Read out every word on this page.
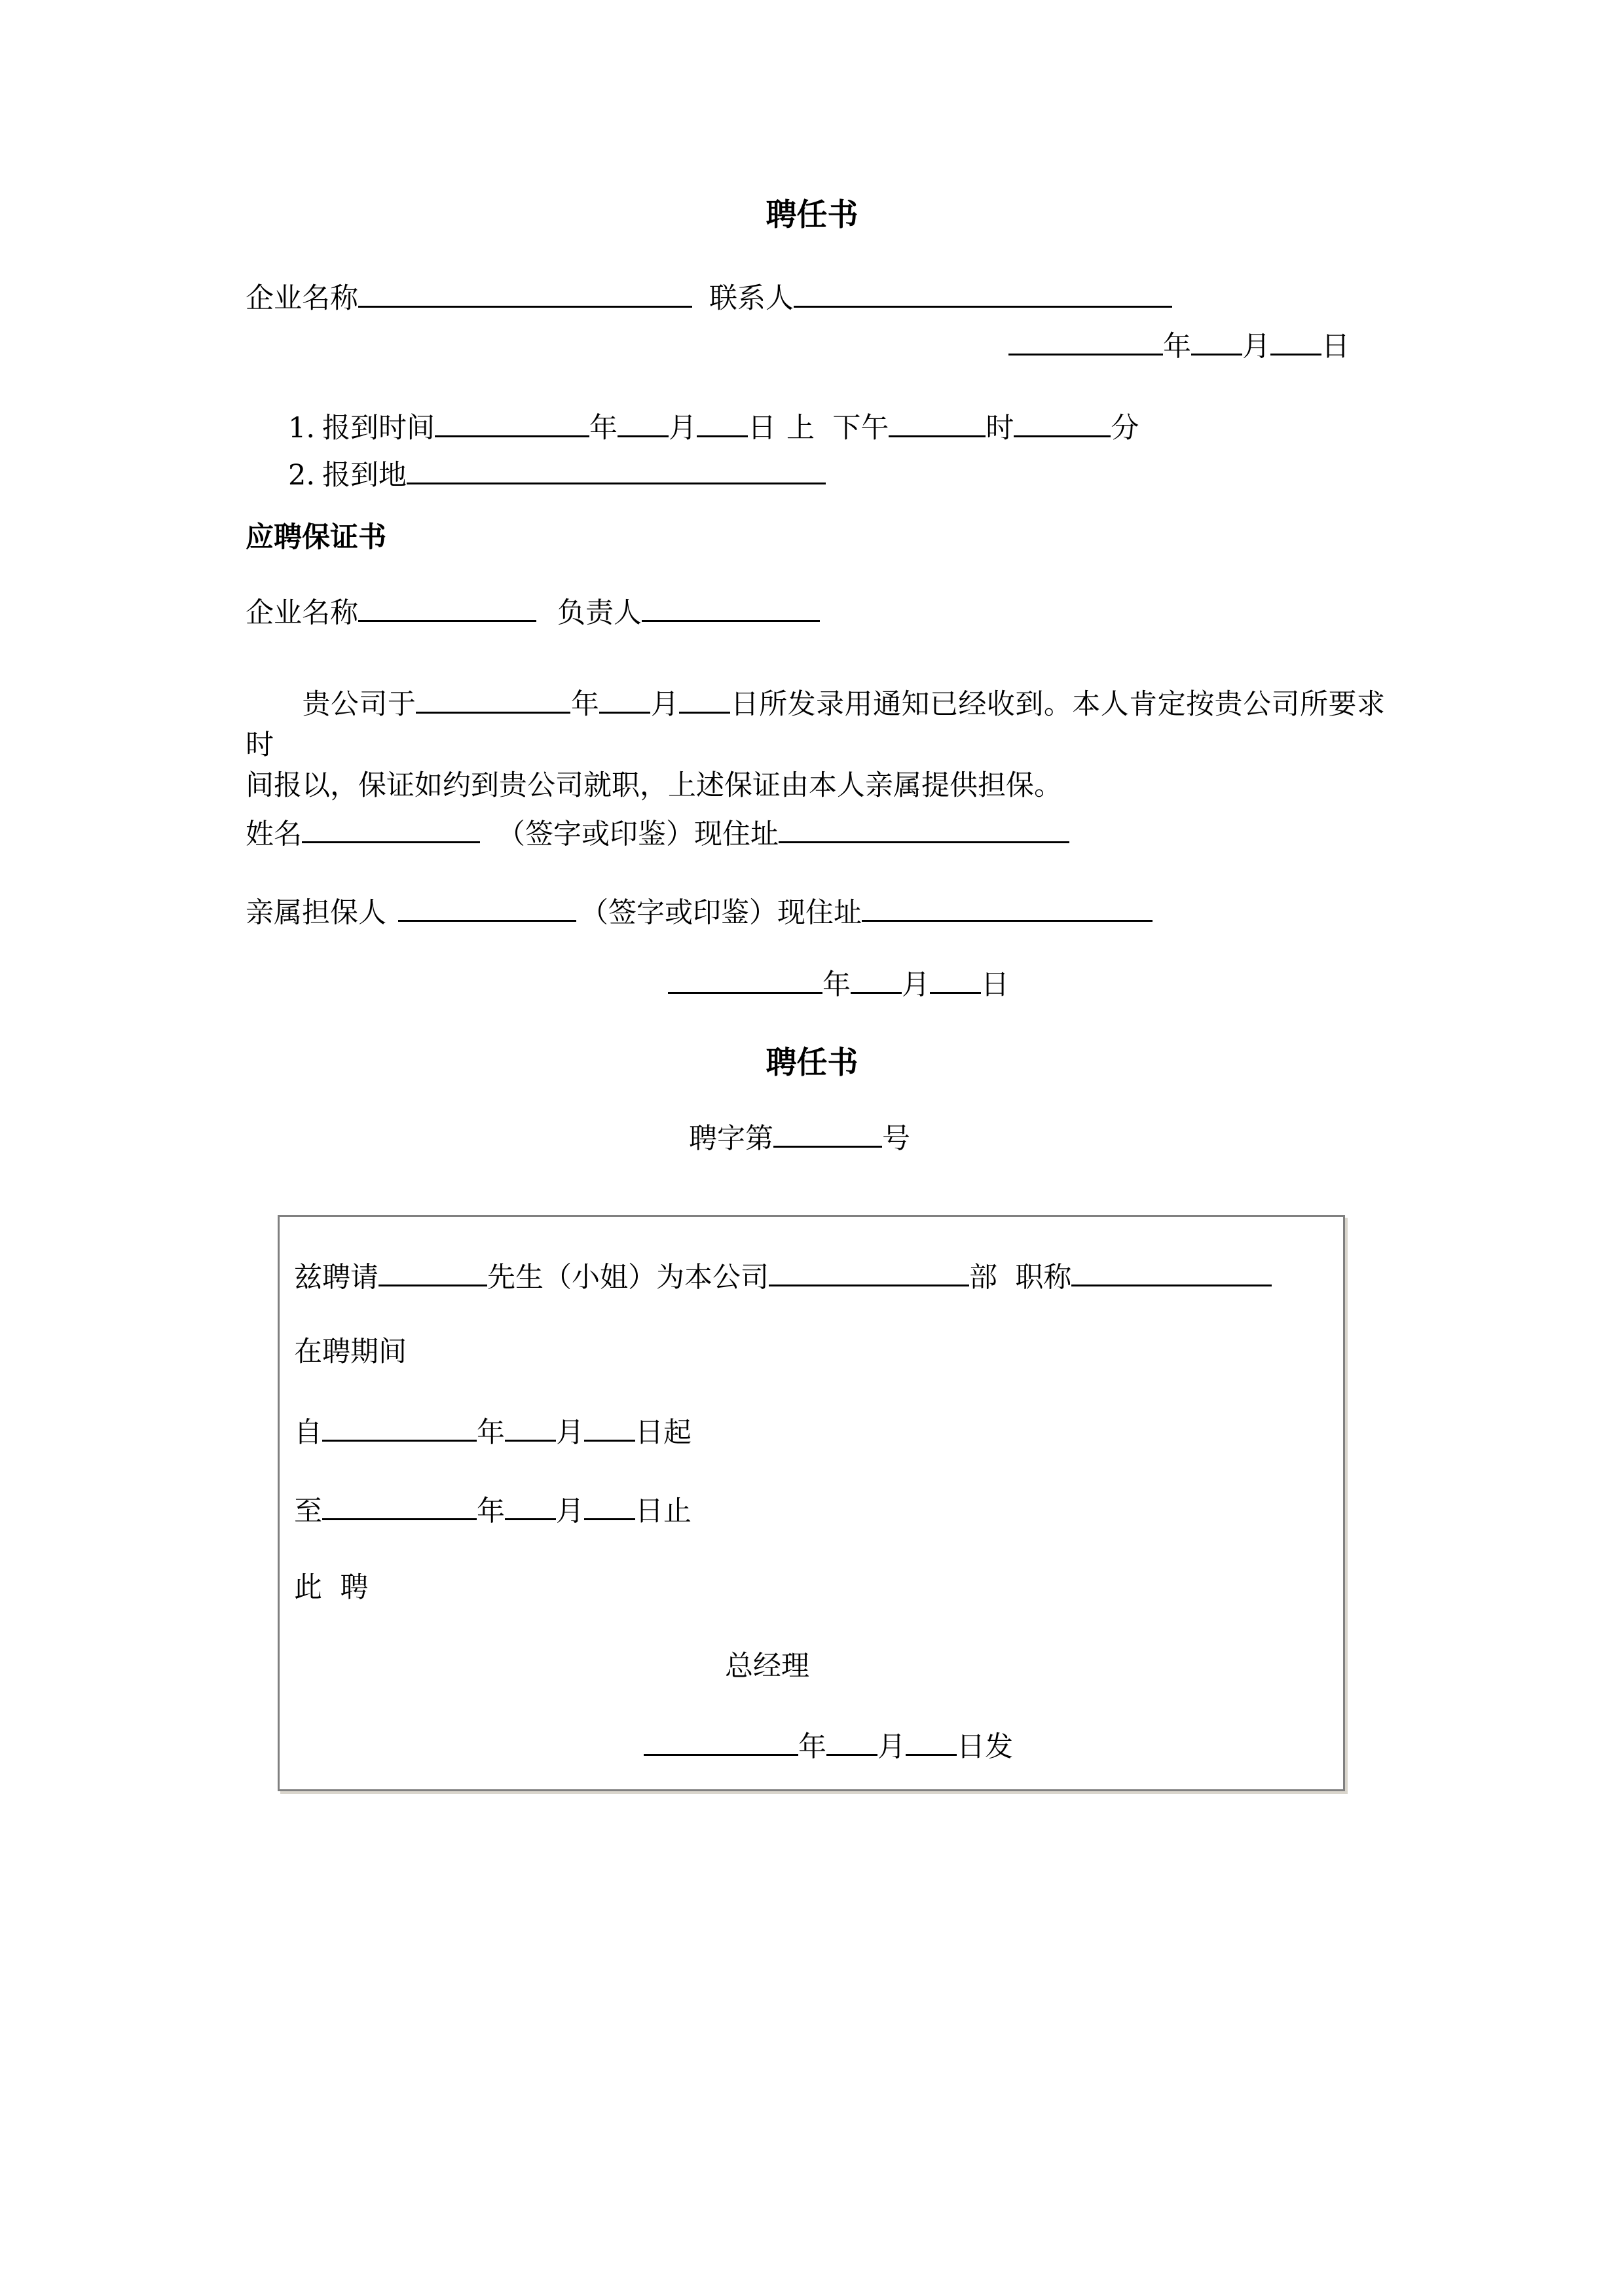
聘任书
企业名称	联系人
年 月 日
1. 报到时间	年 月 日 上  下午	时	分
2. 报到地
应聘保证书
企业名称	负责人
贵公司于	年 月 日所发录用通知已经收到。本人肯定按贵公司所要求时
间报以，保证如约到贵公司就职，上述保证由本人亲属提供担保。
姓名	（签字或印鉴）现住址
亲属担保人	（签字或印鉴）现住址
年 月 日
聘任书
聘字第	号
兹聘请	先生（小姐）为本公司	部  职称
在聘期间
自	年 月 日起
至	年 月 日止
此  聘
总经理
年 月 日发
